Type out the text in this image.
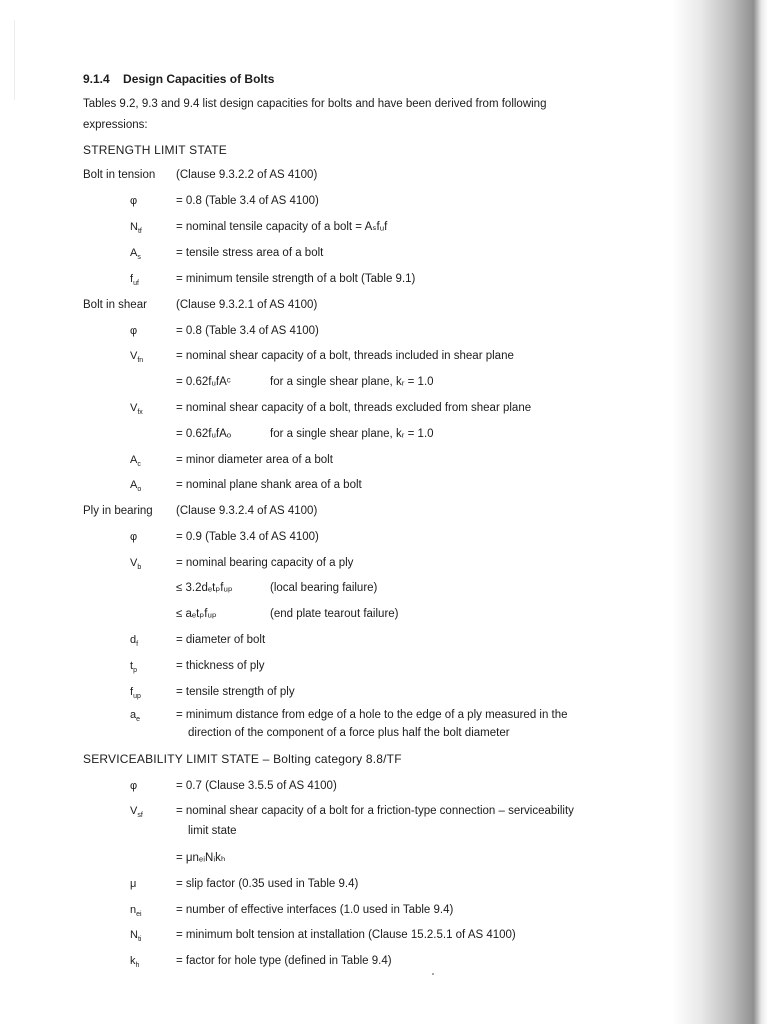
9.1.4 Design Capacities of Bolts
Tables 9.2, 9.3 and 9.4 list design capacities for bolts and have been derived from following
expressions:
STRENGTH LIMIT STATE
Bolt in tension (Clause 9.3.2.2 of AS 4100)
φ	= 0.8 (Table 3.4 of AS 4100)
$N_{tf}$	= nominal tensile capacity of a bolt = Aₛfᵤf
$A_s$	= tensile stress area of a bolt
$f_{uf}$	= minimum tensile strength of a bolt (Table 9.1)
Bolt in shear	(Clause 9.3.2.1 of AS 4100)
φ	= 0.8 (Table 3.4 of AS 4100)
$V_{fn}$	= nominal shear capacity of a bolt, threads included in shear plane
= 0.62fᵤfAᶜ	for a single shear plane, kᵣ = 1.0
$V_{fx}$	= nominal shear capacity of a bolt, threads excluded from shear plane
= 0.62fᵤfAₒ	for a single shear plane, kᵣ = 1.0
$A_c$	= minor diameter area of a bolt
$A_o$	= nominal plane shank area of a bolt
Ply in bearing (Clause 9.3.2.4 of AS 4100)
φ	= 0.9 (Table 3.4 of AS 4100)
$V_b$	= nominal bearing capacity of a ply
≤ 3.2dₑtₚfᵤₚ	(local bearing failure)
≤ aₑtₚfᵤₚ	(end plate tearout failure)
$d_f$	= diameter of bolt
$t_p$	= thickness of ply
$f_{up}$	= tensile strength of ply
$a_e$	= minimum distance from edge of a hole to the edge of a ply measured in the
direction of the component of a force plus half the bolt diameter
SERVICEABILITY LIMIT STATE – Bolting category 8.8/TF
φ	= 0.7 (Clause 3.5.5 of AS 4100)
$V_{sf}$	= nominal shear capacity of a bolt for a friction-type connection – serviceability
limit state
= μnₑᵢNᵢkₕ
μ	= slip factor (0.35 used in Table 9.4)
$n_{ei}$	= number of effective interfaces (1.0 used in Table 9.4)
$N_{ti}$	= minimum bolt tension at installation (Clause 15.2.5.1 of AS 4100)
$k_h$	= factor for hole type (defined in Table 9.4)
